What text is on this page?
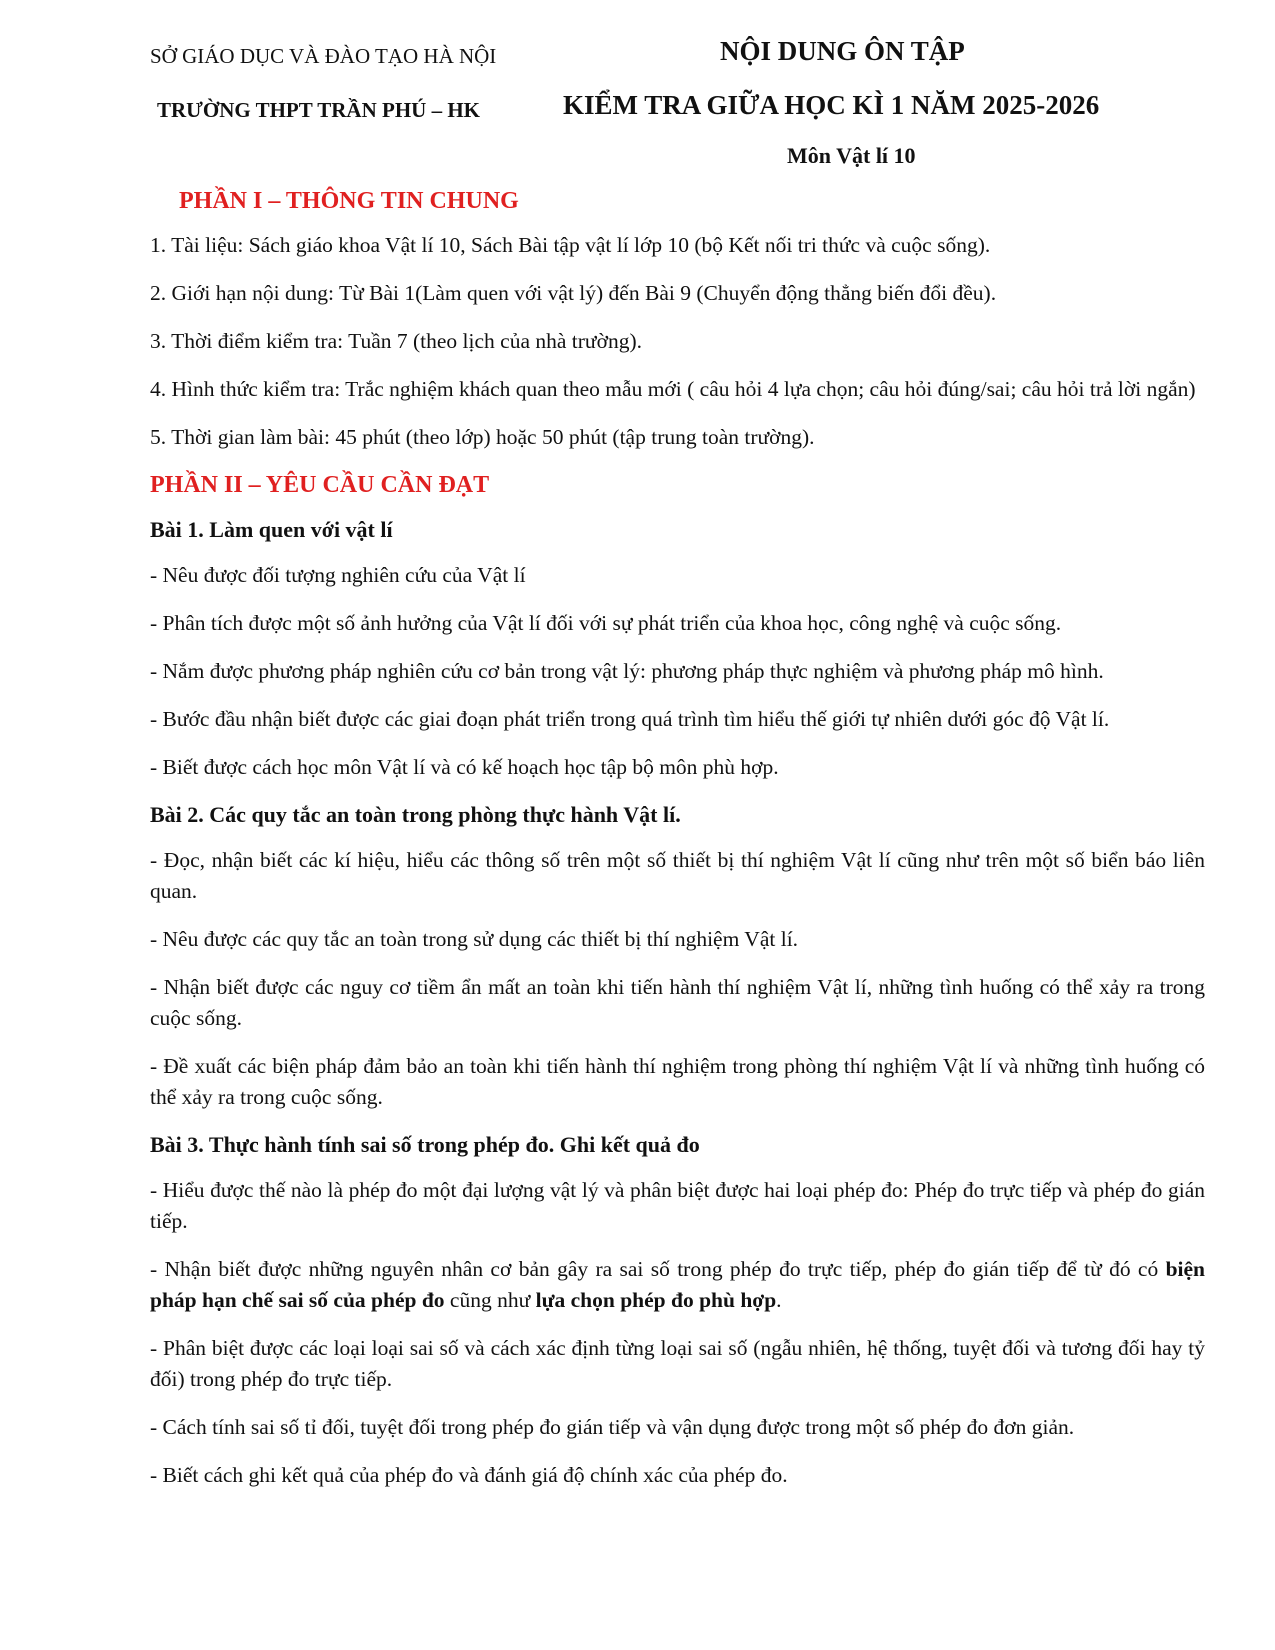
SỞ GIÁO DỤC VÀ ĐÀO TẠO HÀ NỘI
TRƯỜNG THPT TRẦN PHÚ – HK
NỘI DUNG ÔN TẬP
KIỂM TRA GIỮA HỌC KÌ 1 NĂM 2025-2026
Môn Vật lí 10
PHẦN I – THÔNG TIN CHUNG

1. Tài liệu: Sách giáo khoa Vật lí 10, Sách Bài tập vật lí lớp 10 (bộ Kết nối tri thức và cuộc sống).

2. Giới hạn nội dung: Từ Bài 1(Làm quen với vật lý) đến Bài 9 (Chuyển động thẳng biến đổi đều).

3. Thời điểm kiểm tra: Tuần 7 (theo lịch của nhà trường).

4. Hình thức kiểm tra: Trắc nghiệm khách quan theo mẫu mới ( câu hỏi 4 lựa chọn; câu hỏi đúng/sai; câu hỏi trả lời ngắn)

5. Thời gian làm bài: 45 phút (theo lớp) hoặc 50 phút (tập trung toàn trường).

PHẦN II – YÊU CẦU CẦN ĐẠT
Bài 1. Làm quen với vật lí

- Nêu được đối tượng nghiên cứu của Vật lí

- Phân tích được một số ảnh hưởng của Vật lí đối với sự phát triển của khoa học, công nghệ và cuộc sống.

- Nắm được phương pháp nghiên cứu cơ bản trong vật lý: phương pháp thực nghiệm và phương pháp mô hình.

- Bước đầu nhận biết được các giai đoạn phát triển trong quá trình tìm hiểu thế giới tự nhiên dưới góc độ Vật lí.

- Biết được cách học môn Vật lí và có kế hoạch học tập bộ môn phù hợp.

Bài 2. Các quy tắc an toàn trong phòng thực hành Vật lí.

- Đọc, nhận biết các kí hiệu, hiểu các thông số trên một số thiết bị thí nghiệm Vật lí cũng như trên một số biển báo liên quan.

- Nêu được các quy tắc an toàn trong sử dụng các thiết bị thí nghiệm Vật lí.

- Nhận biết được các nguy cơ tiềm ẩn mất an toàn khi tiến hành thí nghiệm Vật lí, những tình huống có thể xảy ra trong cuộc sống.

- Đề xuất các biện pháp đảm bảo an toàn khi tiến hành thí nghiệm trong phòng thí nghiệm Vật lí và những tình huống có thể xảy ra trong cuộc sống.

Bài 3. Thực hành tính sai số trong phép đo. Ghi kết quả đo

- Hiểu được thế nào là phép đo một đại lượng vật lý và phân biệt được hai loại phép đo: Phép đo trực tiếp và phép đo gián tiếp.

- Nhận biết được những nguyên nhân cơ bản gây ra sai số trong phép đo trực tiếp, phép đo gián tiếp để từ đó có biện pháp hạn chế sai số của phép đo cũng như lựa chọn phép đo phù hợp.

- Phân biệt được các loại loại sai số và cách xác định từng loại sai số (ngẫu nhiên, hệ thống, tuyệt đối và tương đối hay tỷ đối) trong phép đo trực tiếp.

- Cách tính sai số tỉ đối, tuyệt đối trong phép đo gián tiếp và vận dụng được trong một số phép đo đơn giản.

- Biết cách ghi kết quả của phép đo và đánh giá độ chính xác của phép đo.
